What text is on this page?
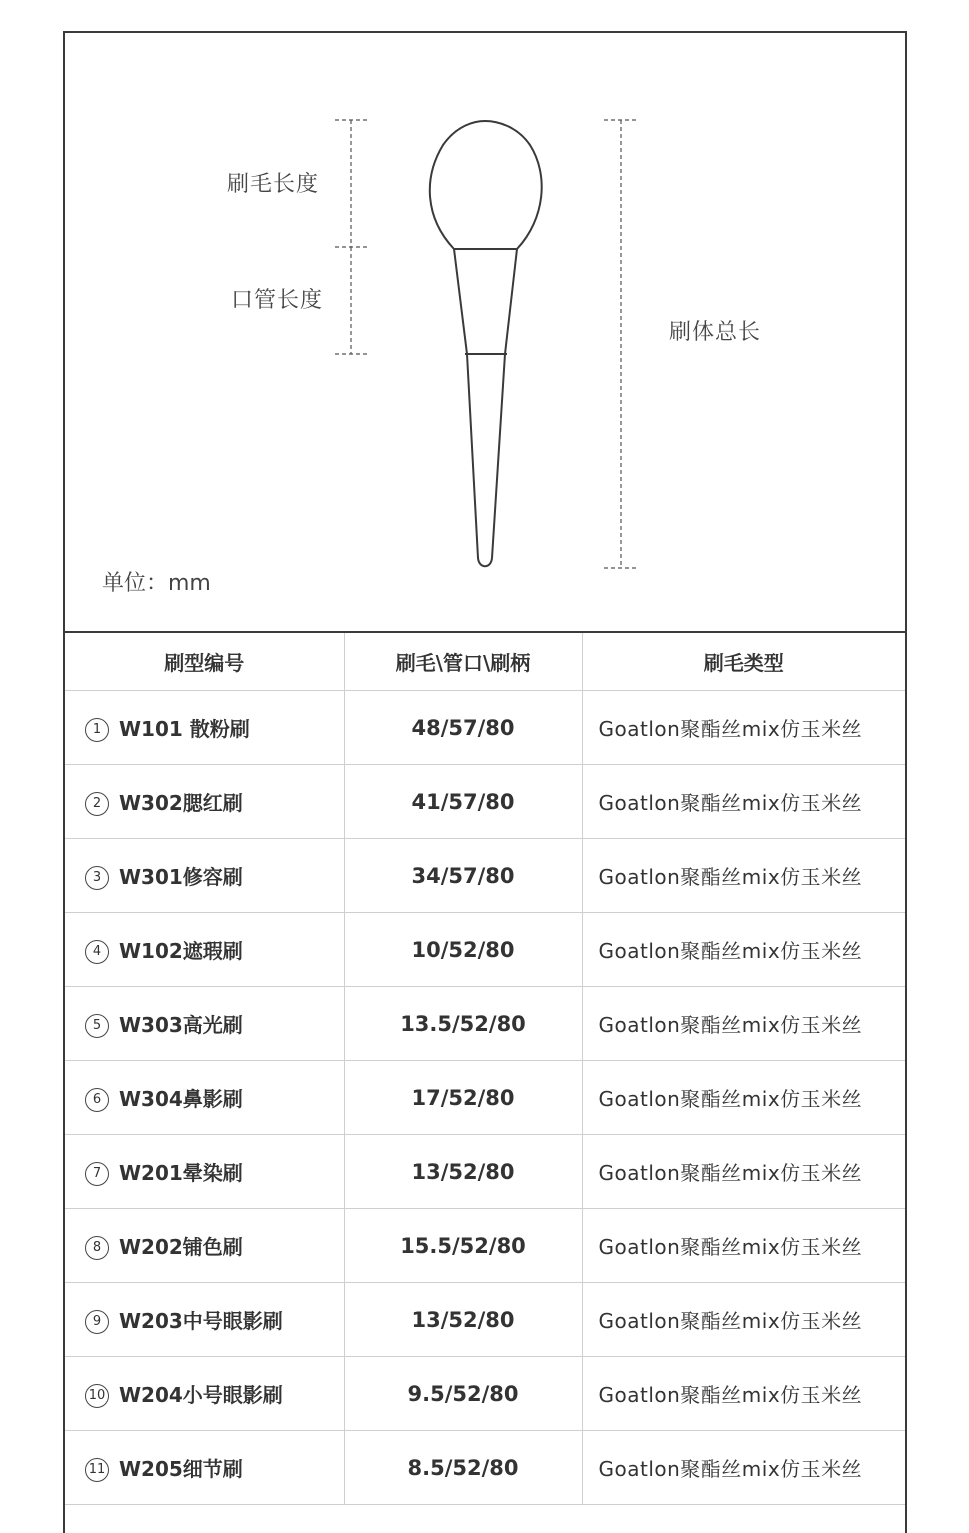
刷毛长度
口管长度
刷体总长
单位：mm
刷型编号	刷毛\管口\刷柄	刷毛类型
1 W101 散粉刷	48/57/80	Goatlon聚酯丝mix仿玉米丝
2 W302腮红刷	41/57/80	Goatlon聚酯丝mix仿玉米丝
3 W301修容刷	34/57/80	Goatlon聚酯丝mix仿玉米丝
4 W102遮瑕刷	10/52/80	Goatlon聚酯丝mix仿玉米丝
5 W303高光刷	13.5/52/80	Goatlon聚酯丝mix仿玉米丝
6 W304鼻影刷	17/52/80	Goatlon聚酯丝mix仿玉米丝
7 W201晕染刷	13/52/80	Goatlon聚酯丝mix仿玉米丝
8 W202铺色刷	15.5/52/80	Goatlon聚酯丝mix仿玉米丝
9 W203中号眼影刷	13/52/80	Goatlon聚酯丝mix仿玉米丝
10 W204小号眼影刷	9.5/52/80	Goatlon聚酯丝mix仿玉米丝
11 W205细节刷	8.5/52/80	Goatlon聚酯丝mix仿玉米丝
